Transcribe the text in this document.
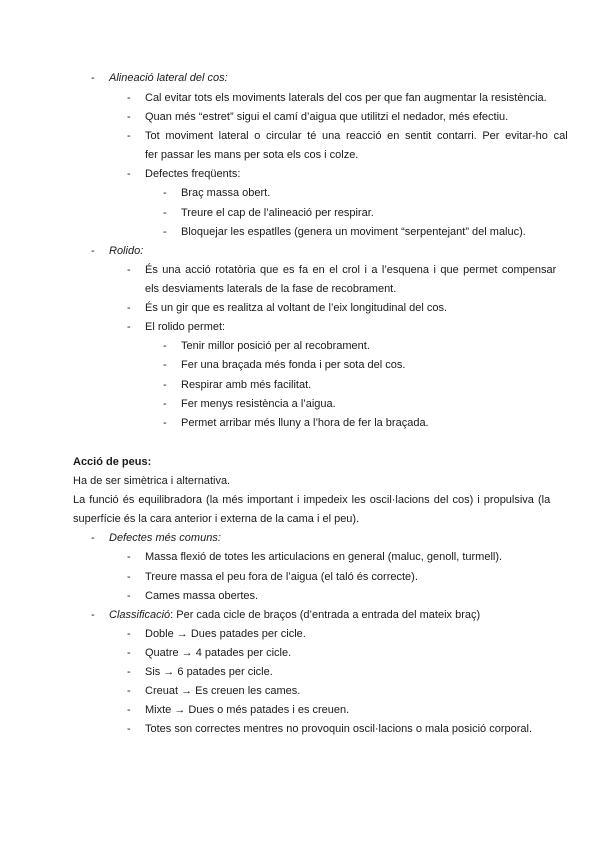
- Alineació lateral del cos:
- Cal evitar tots els moviments laterals del cos per que fan augmentar la resistència.
- Quan més “estret” sigui el camí d’aigua que utilitzi el nedador, més efectiu.
- Tot moviment lateral o circular té una reacció en sentit contarri. Per evitar-ho cal
fer passar les mans per sota els cos i colze.
- Defectes freqüents:
- Braç massa obert.
- Treure el cap de l’alineació per respirar.
- Bloquejar les espatlles (genera un moviment “serpentejant” del maluc).
- Rolido:
- És una acció rotatòria que es fa en el crol i a l’esquena i que permet compensar
els desviaments laterals de la fase de recobrament.
- És un gir que es realitza al voltant de l’eix longitudinal del cos.
- El rolido permet:
- Tenir millor posició per al recobrament.
- Fer una braçada més fonda i per sota del cos.
- Respirar amb més facilitat.
- Fer menys resistència a l’aigua.
- Permet arribar més lluny a l’hora de fer la braçada.
Acció de peus:
Ha de ser simètrica i alternativa.
La funció és equilibradora (la més important i impedeix les oscil·lacions del cos) i propulsiva (la
superfície és la cara anterior i externa de la cama i el peu).
- Defectes més comuns:
- Massa flexió de totes les articulacions en general (maluc, genoll, turmell).
- Treure massa el peu fora de l’aigua (el taló és correcte).
- Cames massa obertes.
- Classificació: Per cada cicle de braços (d’entrada a entrada del mateix braç)
- Doble → Dues patades per cicle.
- Quatre → 4 patades per cicle.
- Sis → 6 patades per cicle.
- Creuat → Es creuen les cames.
- Mixte → Dues o més patades i es creuen.
- Totes son correctes mentres no provoquin oscil·lacions o mala posició corporal.
